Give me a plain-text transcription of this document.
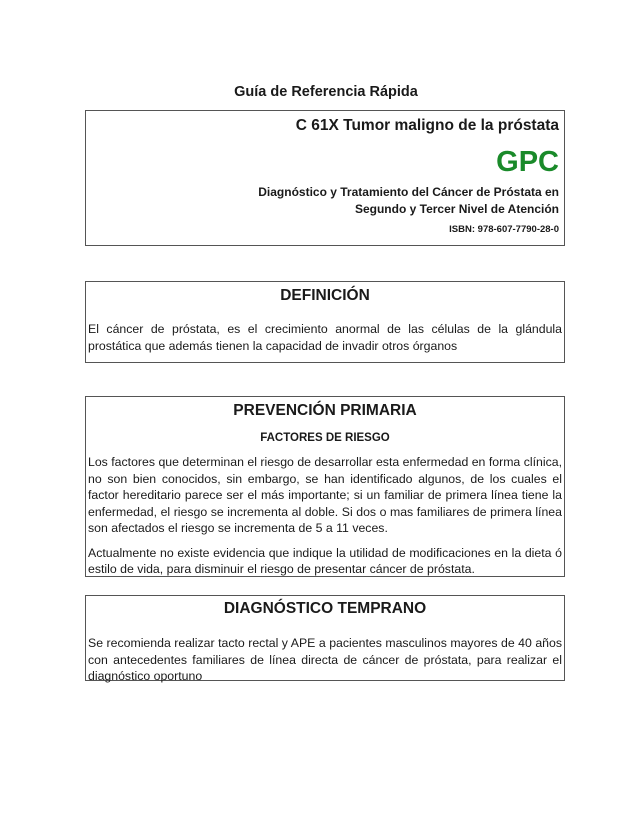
Guía de Referencia Rápida
C 61X Tumor maligno de la próstata
GPC
Diagnóstico y Tratamiento del Cáncer de Próstata en Segundo y Tercer Nivel de Atención
ISBN: 978-607-7790-28-0
DEFINICIÓN

El cáncer de próstata, es el crecimiento anormal de las células de la glándula prostática que además tienen la capacidad de invadir otros órganos

PREVENCIÓN PRIMARIA
FACTORES DE RIESGO

Los factores que determinan el riesgo de desarrollar esta enfermedad en forma clínica, no son bien conocidos, sin embargo, se han identificado algunos, de los cuales el factor hereditario parece ser el más importante; si un familiar de primera línea tiene la enfermedad, el riesgo se incrementa al doble. Si dos o mas familiares de primera línea son afectados el riesgo se incrementa de 5 a 11 veces.

Actualmente no existe evidencia que indique la utilidad de modificaciones en la dieta ó estilo de vida, para disminuir el riesgo de presentar cáncer de próstata.

DIAGNÓSTICO TEMPRANO

Se recomienda realizar tacto rectal y APE a pacientes masculinos mayores de 40 años con antecedentes familiares de línea directa de cáncer de próstata, para realizar el diagnóstico oportuno
